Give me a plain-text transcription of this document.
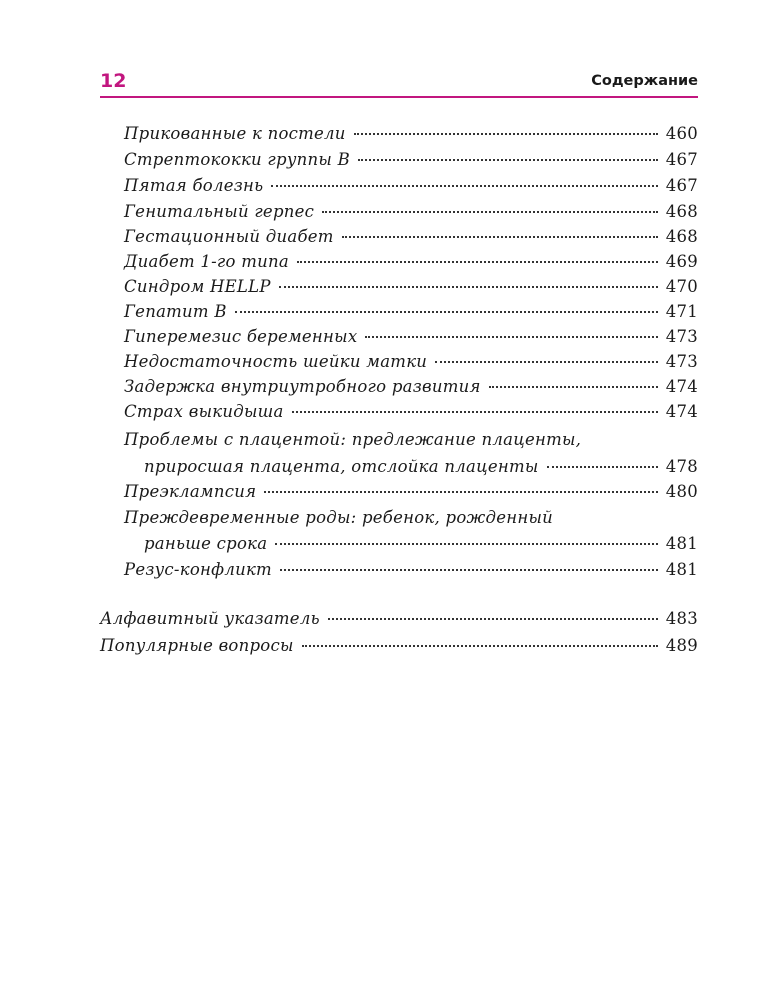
12	Содержание
Прикованные к постели	460
Стрептококки группы B	467
Пятая болезнь	467
Генитальный герпес	468
Гестационный диабет	468
Диабет 1-го типа	469
Синдром HELLP	470
Гепатит B	471
Гиперемезис беременных	473
Недостаточность шейки матки	473
Задержка внутриутробного развития	474
Страх выкидыша	474
Проблемы с плацентой: предлежание плаценты,
приросшая плацента, отслойка плаценты	478
Преэклампсия	480
Преждевременные роды: ребенок, рожденный
раньше срока	481
Резус-конфликт	481
Алфавитный указатель	483
Популярные вопросы	489
